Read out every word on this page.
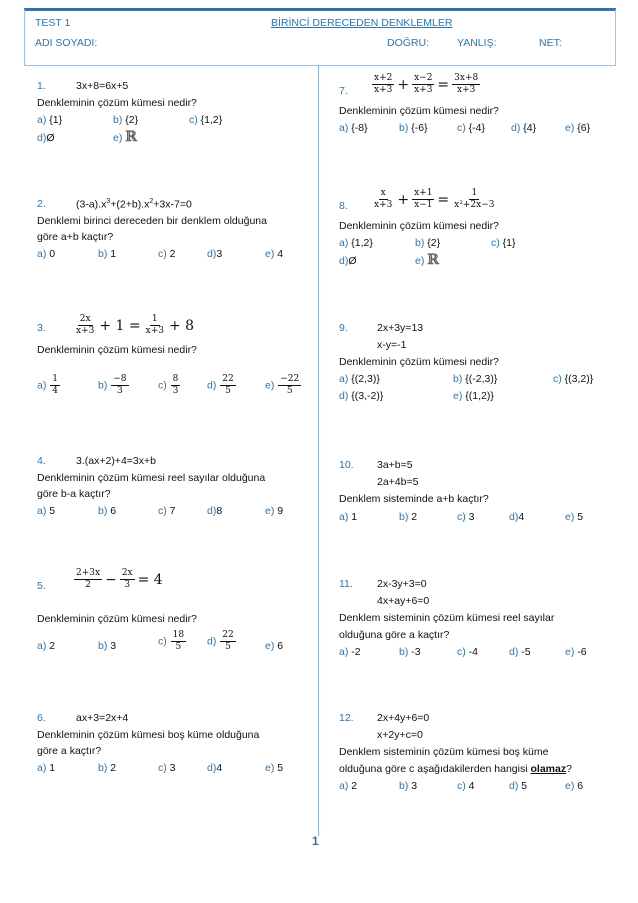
TEST 1	BİRİNCİ DERECEDEN DENKLEMLER
ADI SOYADI:	DOĞRU:	YANLIŞ:	NET:
1.	3x+8=6x+5
Denkleminin çözüm kümesi nedir?
a) {1}	b) {2}	c) {1,2}
d)Ø	e) ℝ
2.	$(3-a).x^3+(2+b).x^2+3x-7=0$
Denklemi birinci dereceden bir denklem olduğuna
göre a+b kaçtır?
a) 0	b) 1	c) 2	d)3	e) 4
3.	$\frac{2x}{x+3} + 1 = \frac{1}{x+3} + 8$
Denkleminin çözüm kümesi nedir?
$a) \frac{1}{4}$	$b) \frac{-8}{3}$	$c) \frac{8}{3}$	$d) \frac{22}{5}$	$e) \frac{-22}{5}$
4.	3.(ax+2)+4=3x+b
Denkleminin çözüm kümesi reel sayılar olduğuna
göre b-a kaçtır?
a) 5	b) 6	c) 7	d)8	e) 9
5.	$\frac{2+3x}{2} - \frac{2x}{3} = 4$
Denkleminin çözüm kümesi nedir?
a) 2	b) 3	$c) \frac{18}{5} d) \frac{22}{5}$	e) 6
6.	ax+3=2x+4
Denkleminin çözüm kümesi boş küme olduğuna
göre a kaçtır?
a) 1	b) 2	c) 3	d)4	e) 5
7.	$\frac{x+2}{x+3} + \frac{x-2}{x+3} = \frac{3x+8}{x+3}$
Denkleminin çözüm kümesi nedir?
a) {-8}	b) {-6}	c) {-4} d) {4}	e) {6}
8.	$\frac{x}{x+3} + \frac{x+1}{x-1} = \frac{1}{\text{x²+2x−3}}$
Denkleminin çözüm kümesi nedir?
a) {1,2}	b) {2}	c) {1}
d)Ø	e) ℝ
9.	2x+3y=13
x-y=-1
Denkleminin çözüm kümesi nedir?
a) {(2,3)}	b) {(-2,3)}	c) {(3,2)}
d) {(3,-2)}	e) {(1,2)}
10. 3a+b=5
2a+4b=5
Denklem sisteminde a+b kaçtır?
a) 1	b) 2	c) 3	d)4	e) 5
11. 2x-3y+3=0
4x+ay+6=0
Denklem sisteminin çözüm kümesi reel sayılar
olduğuna göre a kaçtır?
a) -2	b) -3	c) -4	d) -5	e) -6
12. 2x+4y+6=0
x+2y+c=0
Denklem sisteminin çözüm kümesi boş küme
olduğuna göre c aşağıdakilerden hangisi olamaz?
a) 2	b) 3	c) 4	d) 5	e) 6
1
